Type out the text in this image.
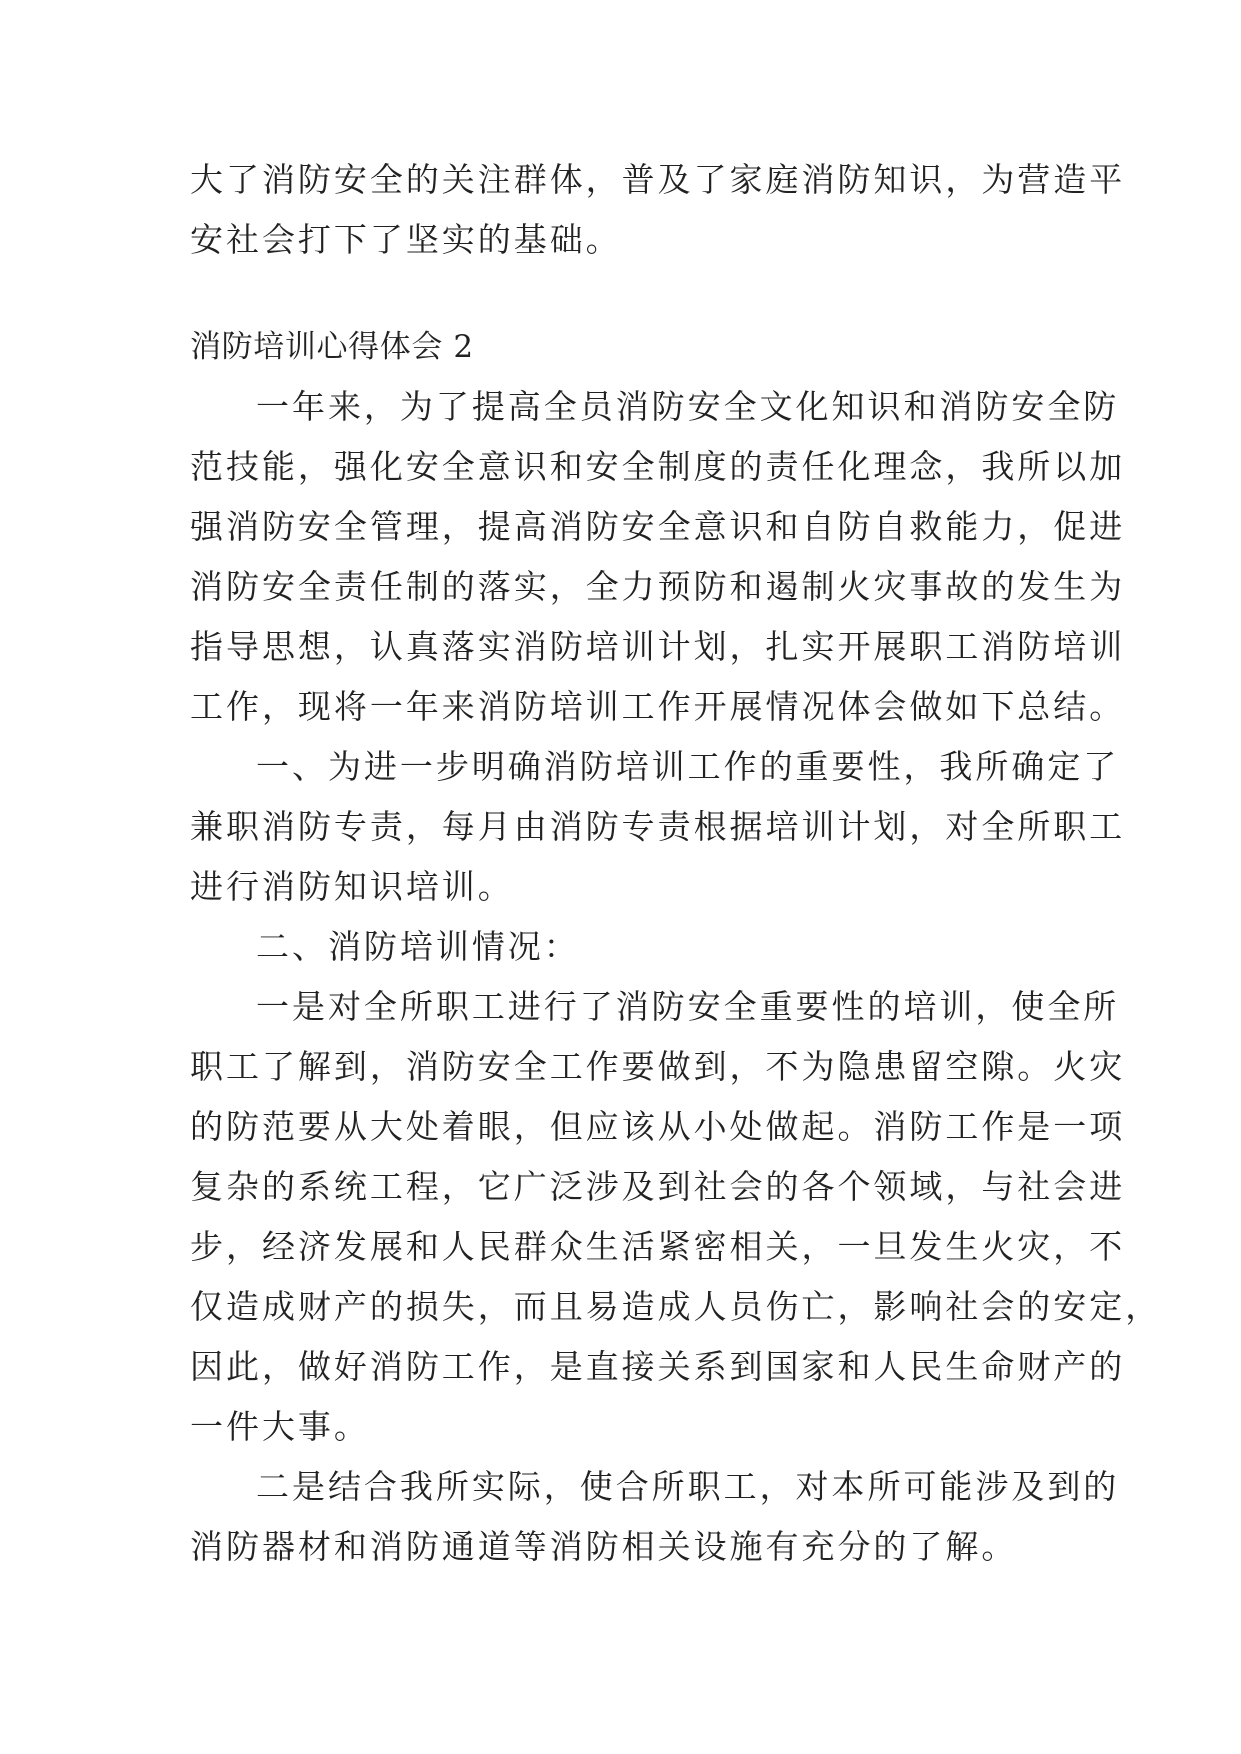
大了消防安全的关注群体，普及了家庭消防知识，为营造平
安社会打下了坚实的基础。
消防培训心得体会 2
一年来，为了提高全员消防安全文化知识和消防安全防
范技能，强化安全意识和安全制度的责任化理念，我所以加
强消防安全管理，提高消防安全意识和自防自救能力，促进
消防安全责任制的落实，全力预防和遏制火灾事故的发生为
指导思想，认真落实消防培训计划，扎实开展职工消防培训
工作，现将一年来消防培训工作开展情况体会做如下总结。
一、为进一步明确消防培训工作的重要性，我所确定了
兼职消防专责，每月由消防专责根据培训计划，对全所职工
进行消防知识培训。
二、消防培训情况：
一是对全所职工进行了消防安全重要性的培训，使全所
职工了解到，消防安全工作要做到，不为隐患留空隙。火灾
的防范要从大处着眼，但应该从小处做起。消防工作是一项
复杂的系统工程，它广泛涉及到社会的各个领域，与社会进
步，经济发展和人民群众生活紧密相关，一旦发生火灾，不
仅造成财产的损失，而且易造成人员伤亡，影响社会的安定，
因此，做好消防工作，是直接关系到国家和人民生命财产的
一件大事。
二是结合我所实际，使合所职工，对本所可能涉及到的
消防器材和消防通道等消防相关设施有充分的了解。
